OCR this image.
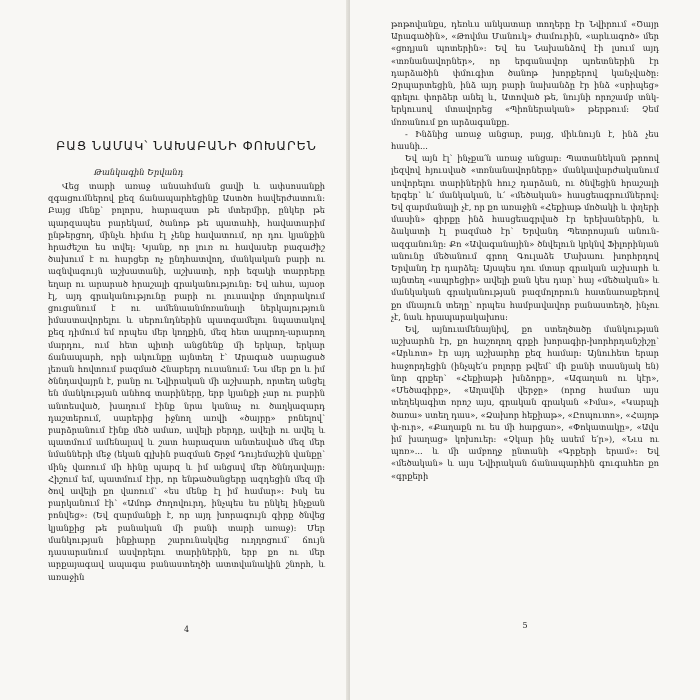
ԲԱՑ ՆԱՄԱԿ՝ ՆԱԽԱԲԱՆԻ ՓՈԽԱՐԵՆ

Թանկագին Երվանդ

Վեց տարի առաջ անսահման ցավի և ափսոսանքի զգացումներով քեզ ճանապարհեցինք Աստծո հավերժատուն: Բայց մենք՝ բոլորս, հարազատ թե մտերմիր, ընկեր թե պարզապես բարեկամ, ծանոթ թե պատահի, հավատարիմ ընթերցող, մինչև հիմա էլ չենք հավատում, որ դու կյանքին հրաժեշտ ես տվել: Կյանք, որ լուռ ու հավասեր բազաժիշ ծախում է ու հարցեր ոչ ընդհատվող, մանկական բարի ու ազնվագույն աշխատանի, աշխատի, որի եզակի տարրերը եղար ու արարած հրաշալի գրականությունը: Եվ ահա, այսօր էլ, այդ գրականությունը բարի ու լուսավոր մոլորակում ցուցանում է ու ամենաանմոռանալի ներկայություն իմաստավորելու և սերունդներին պատգամելու նպատակով քեզ դիմում եմ որպես մեր կողքին, մեզ հետ ապրող-արարող մարդու, ում հետ պիտի անցնենք մի երկար, երկար ճանապարհ, որի ակունքը այնտեղ է՝ Արագած սարացած լեռան հովտում բազմած Հնաբերդ ուսանում: Նա մեր քո և իմ ծննդավայրն է, բանը ու Նվիրական մի աշխարհ, որտեղ անցել են մանկության անհոգ տարիները, երբ կյանքի չար ու բարին անտեսված, խաղում էինք նրա կանաչ ու ծաղկազարդ դաշտերում, սարերից իջնող առվի «ծայրը» բոնելով՝ բարձրանում էինք մեծ ամառ, ավելի բերդը, ավելի ու ավել և պատմում ամենալավ և շատ հարազատ անտեսված մեզ մեր նմանների մեջ (եկան գլխին բազման Շրջմ Դույեմաշին վանքը՝ մինչ վառում մի հինը պարզ և իմ անցավ մեր ծննդավայր: Հիշում եմ, պատմում էիր, որ ենթածանցերը ազդեցին մեզ մի ծով ավելի քո վառում՝ «ես մենք էլ իմ համար»: Իսկ ես բարկանում էի՝ «Ամոթ ժողովուրդ, ինչպես ես ընկել ինչքան բոնվեց»: (Եվ զարմանքի է, որ այդ խորագույն գիրք ծնվեց կյանքից թե բանական մի բանի տարի առաջ): Մեր մանկության ինքիարը շարունակվեց ուղղոցում՝ ճույն դասարանում ասվորելու տարիներին, երբ քո ու մեր արքայագավ ապագա բանաստեղծի ատտվանակին շնորհ, և առաջին

4

թոթովանքս, դեռևս անկատար տողերը էր Նվիրում «Ծայր Արագածին», «Թովմա Մանուկ» ժամուրին, «արևագոծ» մեր «ցոդյան պոտերին»: Եվ ես Նախանձով էի լսում այդ «տռնանավորներ», որ երգանավոր պոետներին էր դարձածին փմուգիտ ծանոթ խորքերով կանչվածը: Զրպարտեցին, ինձ այդ բարի նախանձը էր ինձ «սրիպեց» գրելու փորձեր անել և, Ատոված թե, նույնի որոշամբ տնկ-երկուսով մտավորեց «Պիոներական» թերթում: Չեմ մոռանում քո արձագանքը.

- Ինձնից առաջ անցար, բայց, միևնույն է, ինձ չես հասնի...

Եվ այն էլ՝ ինչքա՛ն առաջ անցար: Պատանեկան թրոով լեզվով հյուսված «տռնանավորները» մանկավարժականում սովորելու տարիներին հուշ դարձան, ու ծնվեցին հրաշալի երգեր՝ և՛ մանկական, և՛ «մեծական» հասցեագրումներով: Եվ զարմանալի չէ, որ քո առաջին «Հեքիաթ մոծակի և փղերի մասին» գիրքը ինձ հասցեագրված էր երեխաներին, և ձակատի էլ բազմած էր՝ Երվանդ Պետրոսյան անուն-ազգանունը: Քո «Ավագանային» ծնվելուն կրկնվ Ֆիլորինյան անունը մեծանում գրող Գուլաձե Մախաու խորհրդով Երվանդ էր դարձել: Այսպես դու մտար գրական աշխարհ և այնտեղ «ապրեցիր» ավելի քան կես դար՝ հայ «մեծական» և մանկական գրականության բազմոլորուն հատնառաքերով քո մնայուն տեղը՝ որպես համբավավոր բանաստեղծ, ինչու չէ, նաև հրապարակախոս:

Եվ, այնուամենայնիվ, քո ստեղծածը մանկության աշխարհն էր, քո հաշողող գրքի խորագիր-խորհրդանշիշը՝ «Արևոտ» էր այդ աշխարհը քեզ համար: Այնուհետ երար հաջորդեցին (ինչպե՛ս բոլորը թվեմ՝ մի քանի տասնյակ են) նոր գրքեր՝ «Հեքիաթի խնձորը», «Ագաղան ու կէր», «Մեծագիրք», «Աղավնի վերջը» (որոց համառ այս տեղեկագիտ որոշ այս, գրական գրական «Իմա», «Կարպի ծառա» ստեղ դաս», «Ձախոր հեքիաթ», «Ըոպուտո», «Հայոթ փ-ուր», «Քաղաքն ու ես մի հարցառ», «Փոկատակը», «Ավս իմ խաղաց» կոխուեր։ «Չկար ինչ ասեմ ե՛ր»), «Նւս ու պոռ»... և մի ամբողջ ընտանի «Գրքերի երամ»: Եվ «մեծական» և այս Նվիրական ճանապարհին գուգահեռ քո «գրքերի

5
